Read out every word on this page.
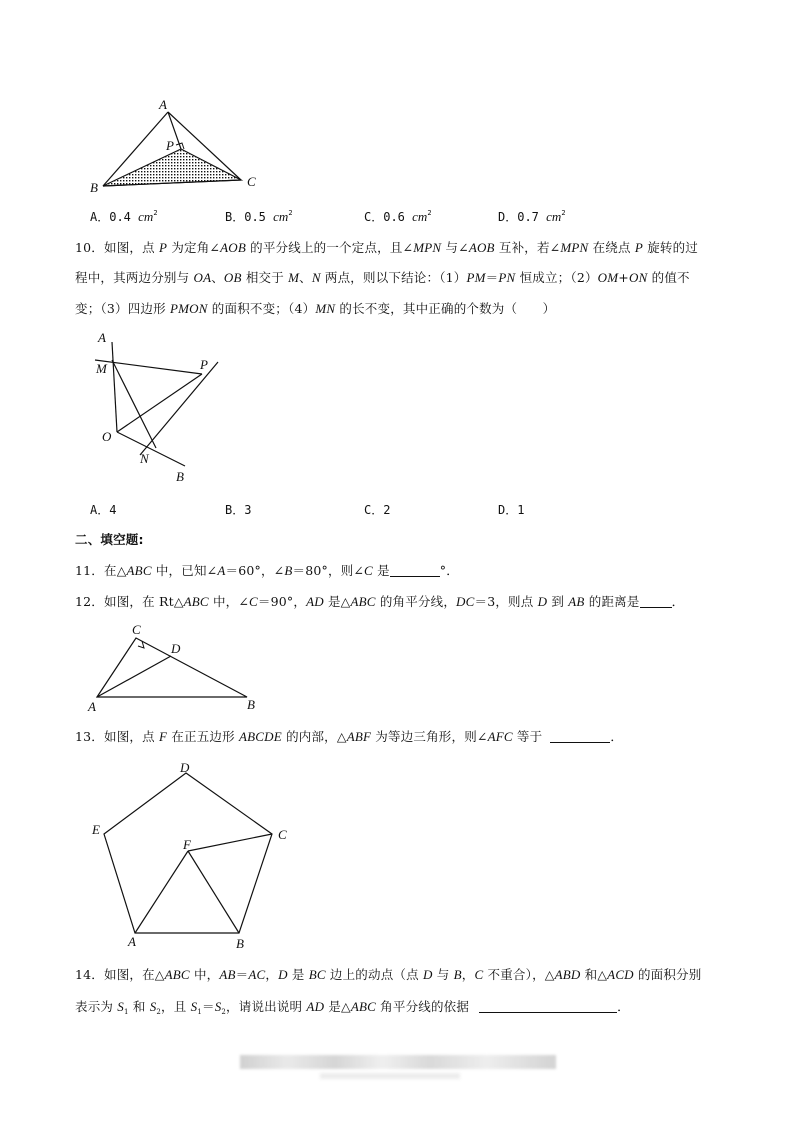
A
P
B	C
A．0.4 $cm^2$	B．0.5 $cm^2$	C．0.6 $cm^2$	D．0.7 $cm^2$
10．如图，点 P 为定角∠AOB 的平分线上的一个定点，且∠MPN 与∠AOB 互补，若∠MPN 在绕点 P 旋转的过
程中，其两边分别与 OA、OB 相交于 M、N 两点，则以下结论：（1）PM＝PN 恒成立；（2）OM+ON 的值不
变；（3）四边形 PMON 的面积不变；（4）MN 的长不变，其中正确的个数为（　　）
A
M	P
O
N
B
A．4	B．3	C．2	D．1
二、填空题:
11．在△ABC 中，已知∠A＝60°，∠B＝80°，则∠C 是	°．
12．如图，在 Rt△ABC 中，∠C＝90°，AD 是△ABC 的角平分线，DC＝3，则点 D 到 AB 的距离是	．
C
D
A	B
13．如图，点 F 在正五边形 ABCDE 的内部，△ABF 为等边三角形，则∠AFC 等于	．
D
E	C
F
A	B
14．如图，在△ABC 中，AB＝AC，D 是 BC 边上的动点（点 D 与 B，C 不重合），△ABD 和△ACD 的面积分别
表示为 $S_1$ 和 $S_2$，且 $S_1=S_2$，请说出说明 AD 是△ABC 角平分线的依据	．
